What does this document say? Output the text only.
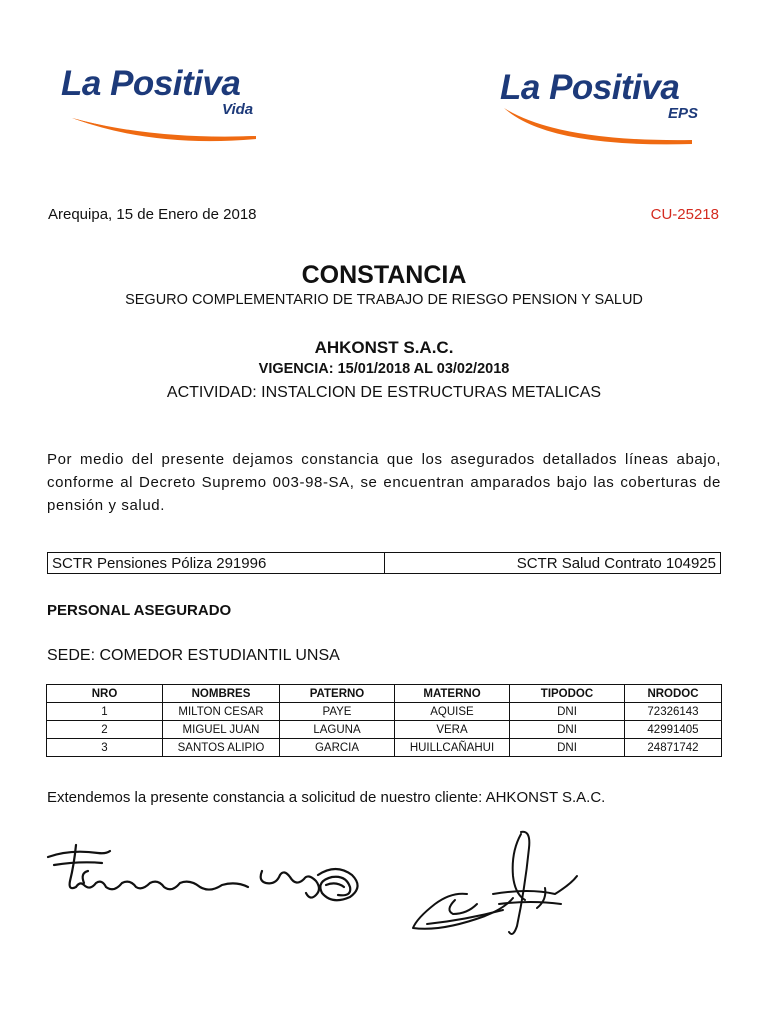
La Positiva
Vida
La Positiva
EPS
Arequipa, 15 de Enero de 2018	CU-25218
CONSTANCIA
SEGURO COMPLEMENTARIO DE TRABAJO DE RIESGO PENSION Y SALUD
AHKONST S.A.C.
VIGENCIA: 15/01/2018 AL 03/02/2018
ACTIVIDAD: INSTALCION DE ESTRUCTURAS METALICAS
Por medio del presente dejamos constancia que los asegurados detallados líneas abajo, conforme al Decreto Supremo 003-98-SA, se encuentran amparados bajo las coberturas de pensión y salud.
SCTR Pensiones Póliza 291996	SCTR Salud Contrato 104925
PERSONAL ASEGURADO
SEDE: COMEDOR ESTUDIANTIL UNSA
NRO	NOMBRES	PATERNO	MATERNO	TIPODOC	NRODOC
1	MILTON CESAR	PAYE	AQUISE	DNI	72326143
2	MIGUEL JUAN	LAGUNA	VERA	DNI	42991405
3	SANTOS ALIPIO	GARCIA	HUILLCAÑAHUI	DNI	24871742
Extendemos la presente constancia a solicitud de nuestro cliente: AHKONST S.A.C.
